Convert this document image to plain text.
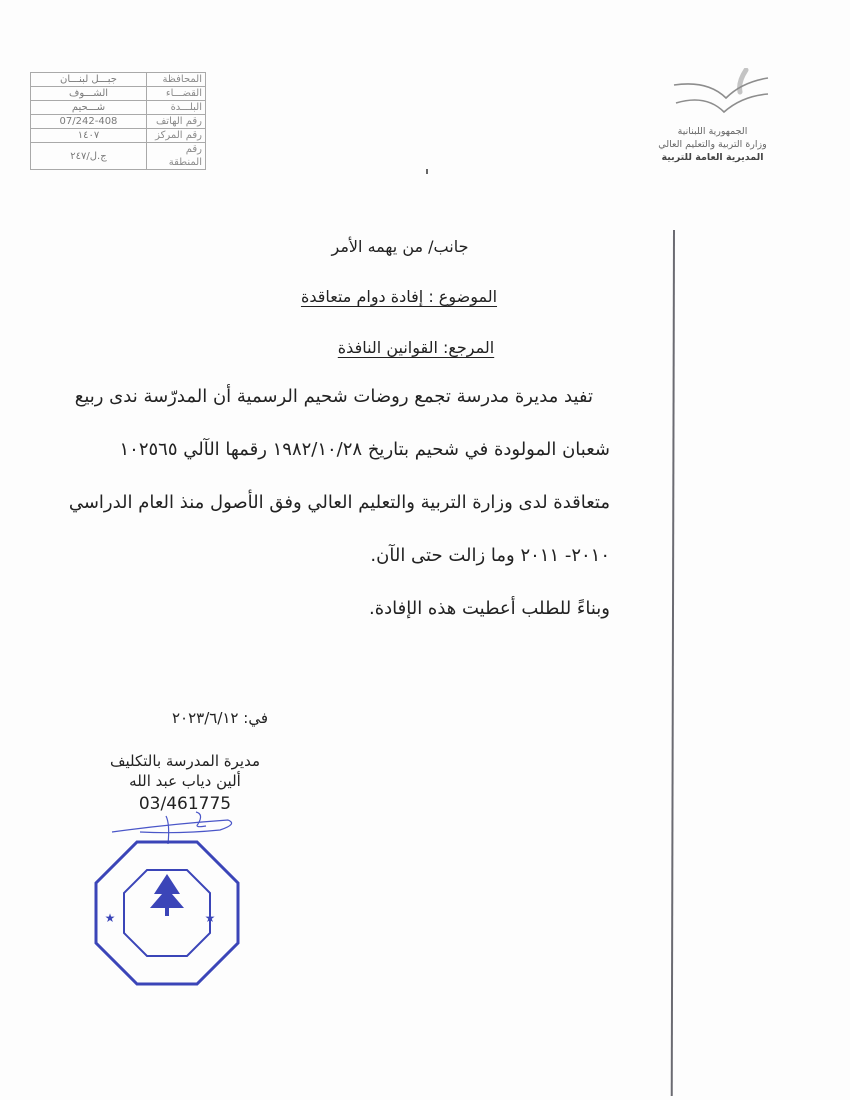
المحافظة	جبـــل لبنـــان
القضـــاء	الشـــوف
البلـــدة	شـــحيم
رقم الهاتف	07/242-408
رقم المركز	١٤٠٧
رقم المنطقة	ج.ل/٢٤٧
الجمهورية اللبنانية
وزارة التربية والتعليم العالي
المديرية العامة للتربية
جانب/ من يهمه الأمر
الموضوع : إفادة دوام متعاقدة
المرجع: القوانين النافذة
تفيد مديرة مدرسة تجمع روضات شحيم الرسمية أن المدرّسة ندى ربيع
شعبان المولودة في شحيم بتاريخ ١٩٨٢/١٠/٢٨ رقمها الآلي ١٠٢٥٦٥
متعاقدة لدى وزارة التربية والتعليم العالي وفق الأصول منذ العام الدراسي
٢٠١٠- ٢٠١١ وما زالت حتى الآن.
وبناءً للطلب أعطيت هذه الإفادة.
في: ٢٠٢٣/٦/١٢
مديرة المدرسة بالتكليف
ألين دياب عبد الله
03/461775
★
★
